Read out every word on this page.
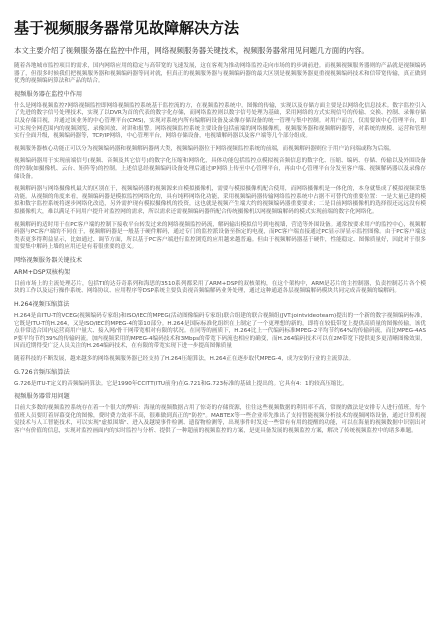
基于视频服务器常见故障解决方法

本文主要介绍了视频服务器在监控中作用，网络视频服务器关键技术，视频服务器常用见问题几方面的内容。

随着各地城市监控项目的需求，国内网络应用的稳定与高带宽的飞速发展，这在客观为推动网络监控走向市场的的步调前进。而视频视频服务器则的产品就是视频编码器了，但很多时候我们把视频服务器和视频编码器等同对就，但真正的视频服务器与视频编码器的最大区别是视频服务器更重视视频编码技术和信带宽传输，真正做到优秀的视频编码算法和产品的结合。

视频服务器在监控中作用

什么是网络视频监控?网络视频监控即网络视频监控系统基于监控流的方，在视频监控系统中，图像的传输，实现以及存储方面主要是以网络化信息技术。数字监控引入了先进的数字信号处理技术，实现了以DVR为首的代表的数字化存储，而网络监控则以数字信号处理为基础，采用网络的方式实现信号的传输、交换、控制、录像存储以及存储目视，并通过该业务的中心管理平台(CMS)，实现对系统内所有编解码设备及录像存储设备的统一管理与集中控制。对用户而言，仅需要该中心管理平台，即可实现全网范围内的视频浏览、录像回放、对讲和报警。网络视频监控系统主要设备包括前端的网络摄像机，视频服务器和视频解码器等，对系统的规模、运营和管理实行全面升级，视频编码器等，TCP/IP网络，中心管理平台，网络存储设备，电视墙解码器以及客户端等几个部分组成。

视频服务器核心功能正可以分为视频编码器和视频解码器两大类，视频编码器位于网络视频监控系统的前端，而视频解码器则位于用户访问端或称为后端。

视频编码器用于实现前端信号(视频、音频及其它信号)的数字化压缩和网络化，具体功能包括监控点模拟视音频信息的数字化、压缩、编码、存储、传输以及外围设备的控制(如摄像机、云台、矩阵等)的控制。上述信息经视频编码设备处理后通过IP网络上传至中心管理平台，再由中心管理平台分发至客户端、视频解码器以及录像存储设备。

视频解码器与网络摄像机最大的区别在于，视频编码器的视频源来自模拟摄像机，需要与模拟摄像机配合使用，而网络摄像机是一体化的，本身就集成了模拟视频采集功能。从视频的角度来看，视频编码器是模拟监控网络化的，具有纯粹网络化功能，采用视频编码器传输网络监控系统中占据不可替代的重要位置：一是大量已建的模拟和数字监控系统将逐步网络化改造，另外需护现有模拟摄像机的投资，这也就是视频产生端大约的视频编码器重要要求；二是目前网络摄像机的选择很还远远没有模拟摄像机大，难以满足不同用户提升对监控网的需求，所以需求还需视频编码器所配合传统摄像机以网视频编解码的模式实现前端的数字化网络化。

视频解码的适时用于在PC客户端的控制下接收平台转发过来的网络视频监控码流，解码输出模拟信号到电视墙，营造等外围设备。通常按要求用户的监控中心，视频解码器与PC客户端的不同在于，视频解码器是一般基于硬件解码，通过专门的监控派设备至指定的电视，而PC客户端直接通过PC显示屏显示监控图像。由于PC客户端这类表更多得利益显示，比如通过、调节方面，所以基于PC客户端进行监控浏览的应用越来越普遍。但由于视频解码器基于硬件，性能稳定、图像质量好，因此对于很多需要集中解码上墙的应用还是有着很重要的意义。

网络视频服务器关键技术
ARM+DSP双核构架

目前市场上的主流处理芯片，包括TI的达芬奇系列和海思的3510系列都采用了ARM+DSP的双核架构，在这个架构中，ARM是芯片的主控制器，负责控制芯片各个模块的工作以及运行操作系统、网络协议、应用程序等DSP系统主要负责视音频编解码业务处理，通过这种通道各层视频编解码模块共同完成音视频的编解码。

H.264视频压缩算法

H.264是由ITU-T的VCEG(视频编码专家组)和ISO/IEC的MPEG(活动图像编码专家组)联合组建的联合视频组(JVT:jointvideoteam)提出的一个新的数字视频编码标准，它既是ITU-T的H.264，又是ISO/IEC的MPEG-4的第10部分。H.264是国际标准化组织在上制定了一个更理想的新的，即将在较低带宽上提供高质量的图像传输，该优点非常适合国内运营商用户量大、接入网/骨干网带宽相对有限的状况。在同等的画质下，H.264比上一代编码标准MPEG-2平均节约64%的传输码流，而比MPEG-4ASP要平均节约39%的传输码流。加内视频采用的MPEG-4编码技术和3Mbps的带宽下码流也相应的确变，而H.264编码技术可以在2M带宽下提供更多更清晰图像效果，因而近期得受广泛人员关注的H.264编码技术，在有限的带宽实现下进一步提高图像质量

随着科技的不断发展，越来越多的网络视频服务器已经支持了H.264压缩算法，H.264正在逐步取代MPEG-4，成为安防行业的主流算法。

G.726音频压缩算法

G.726是ITU-T定义的音频编码算法。它是1990年CCITT(ITU前身)在G.721和G.723标准的基础上提出的。它具有4：1的较高压缩比。

视频服务器常用问题

目前大多数的视频监控系统存在着一个很大的弊病：海量的视频数据占用了惊奇的存储资源，往往这些视频数据的利用率不高，常规的做法是安排专人进行值班，每个值班人员要盯着屏幕变化的图像，费时费力效率不高，很难做到真正的"防控"。MABTEX等一些企业率先推出了支持智能视频分析技术的视频网络设备，通过计算机视觉技术与人工智能技术，可以实现"虚拟围墙"、进入及越境事件检测、遗留物检测等，出现事件时发送一些常有有用的提醒的功能，可以在海量的视频数据中识别出对客户有价值的信息，实现对监控画面内的实时监控与分析、提供了一种超前的视频监控的方案，是更具备发展的视频监控方案，解决了传统视频监控中的诸多难题。
